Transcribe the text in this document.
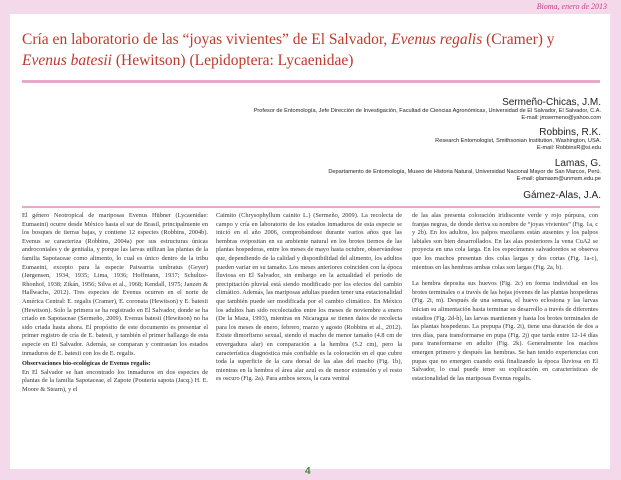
Bioma, enero de 2013
Cría en laboratorio de las “joyas vivientes” de El Salvador, Evenus regalis (Cramer) y Evenus batesii (Hewitson) (Lepidoptera: Lycaenidae)
Sermeño-Chicas, J.M.
Profesor de Entomología, Jefe Dirección de Investigación, Facultad de Ciencias Agronómicas, Universidad de El Salvador, El Salvador, C.A.
E-mail: jmsermeno@yahoo.com
Robbins, R.K.
Research Entomologist, Smithsonian Institution, Washington, USA.
E-mail: RobbinsR@si.edu
Lamas, G.
Departamento de Entomología, Museo de Historia Natural, Universidad Nacional Mayor de San Marcos, Perú.
E-mail: glamasm@unmsm.edu.pe
Gámez-Alas, J.A.

El género Neotropical de mariposas Evenus Hübner (Lycaenidae: Eumaeini) ocurre desde México hasta el sur de Brasil, principalmente en los bosques de tierras bajas, y contiene 12 especies (Robbins, 2004b). Evenus se caracteriza (Robbins, 2004a) por sus estructuras únicas androconiales y de genitalia, y porque las larvas utilizan las plantas de la familia Sapotaceae como alimento, lo cual es único dentro de la tribu Eumaeini, excepto para la especie Paiwarria umbratus (Geyer) (Jørgensen, 1934, 1935; Lima, 1936; Hoffmann, 1937; Schultze-Rhonhof, 1938; Zikán, 1956; Silva et al., 1968; Kendall, 1975; Janzen & Hallwachs, 2012). Tres especies de Evenus ocurren en el norte de América Central: E. regalis (Cramer), E. coronata (Hewitson) y E. batesii (Hewitson). Solo la primera se ha registrado en El Salvador, donde se ha criado en Sapotaceae (Sermeño, 2009). Evenus batesii (Hewitson) no ha sido criada hasta ahora. El propósito de este documento es presentar el primer registro de cría de E. batesii, y también el primer hallazgo de esta especie en El Salvador. Además, se comparan y contrastan los estados inmaduros de E. batesii con los de E. regalis.

Observaciones bio-ecológicas de Evenus regalis:

En El Salvador se han encontrado los inmaduros en dos especies de plantas de la familia Sapotaceae, el Zapote (Pouteria sapota (Jacq.) H. E. Moore & Stearn), y el

Caimito (Chrysophyllum cainito L.) (Sermeño, 2009). La recolecta de campo y cría en laboratorio de los estados inmaduros de esta especie se inició en el año 2006, comprobándose durante varios años que las hembras ovipositan en su ambiente natural en los brotes tiernos de las plantas hospederas, entre los meses de mayo hasta octubre, observándose que, dependiendo de la calidad y disponibilidad del alimento, los adultos pueden variar en su tamaño. Los meses anteriores coinciden con la época lluviosa en El Salvador, sin embargo en la actualidad el período de precipitación pluvial está siendo modificado por los efectos del cambio climático. Además, las mariposas adultas pueden tener una estacionalidad que también puede ser modificada por el cambio climático. En México los adultos han sido recolectados entre los meses de noviembre a enero (De la Maza, 1993), mientras en Nicaragua se tienen datos de recolecta para los meses de enero, febrero, marzo y agosto (Robbins et al., 2012). Existe dimorfismo sexual, siendo el macho de menor tamaño (4.8 cm de envergadura alar) en comparación a la hembra (5.2 cm), pero la característica diagnóstica más confiable es la coloración en el que cubre toda la superficie de la cara dorsal de las alas del macho (Fig. 1b), mientras en la hembra el área alar azul es de menor extensión y el resto es oscuro (Fig. 2a). Para ambos sexos, la cara ventral

de las alas presenta coloración iridiscente verde y rojo púrpura, con franjas negras, de donde deriva su nombre de “joyas vivientes” (Fig. 1a, c y 2b). En los adultos, los palpos maxilares están ausentes y los palpos labiales son bien desarrollados. En las alas posteriores la vena CuA2 se proyecta en una cola larga. En los especímenes salvadoreños se observa que los machos presentan dos colas largas y dos cortas (Fig. 1a-c), mientras en las hembras ambas colas son largas (Fig. 2a, b).

La hembra deposita sus huevos (Fig. 2c) en forma individual en los brotes terminales o a través de las hojas jóvenes de las plantas hospederas (Fig. 2i, m). Después de una semana, el huevo eclosiona y las larvas inician su alimentación hasta terminar su desarrollo a través de diferentes estadios (Fig. 2d-h), las larvas mantienen y hasta los brotes terminales de las plantas hospederas. La prepupa (Fig. 2i), tiene una duración de dos a tres días, para transformarse en pupa (Fig. 2j) que tarda entre 12-14 días para transformarse en adulto (Fig. 2k). Generalmente los machos emergen primero y después las hembras. Se han tenido experiencias con pupas que no emergen cuando está finalizando la época lluviosa en El Salvador, lo cual puede tener su explicación en características de estacionalidad de las mariposas Evenus regalis.

4
